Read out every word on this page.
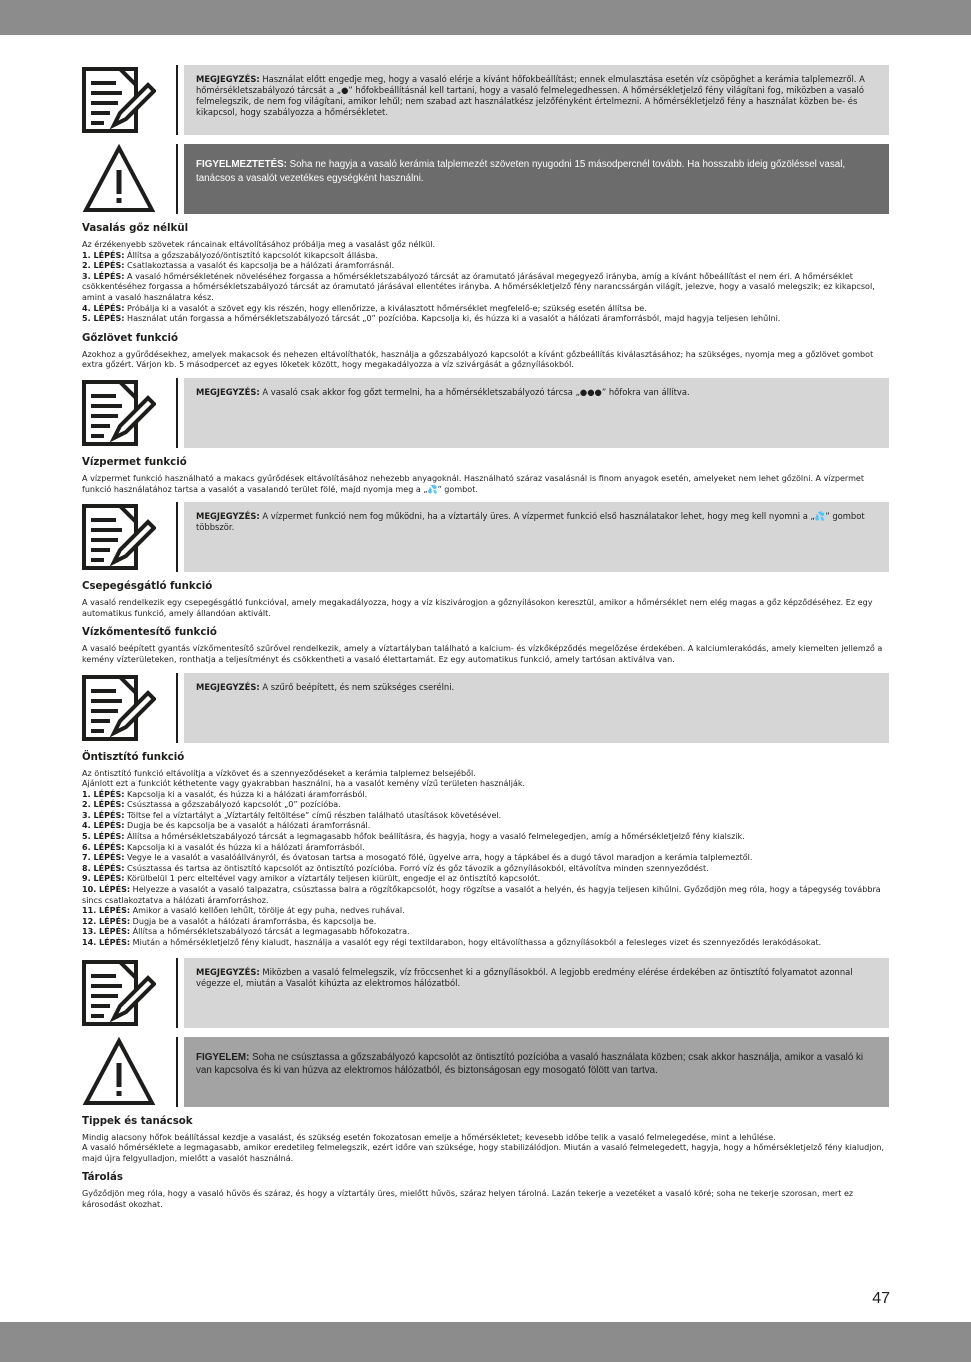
MEGJEGYZÉS: Használat előtt engedje meg, hogy a vasaló elérje a kívánt hőfokbeállítást; ennek elmulasztása esetén víz csöpöghet a kerámia talplemezről. A hőmérsékletszabályozó tárcsát a „●” hőfokbeállításnál kell tartani, hogy a vasaló felmelegedhessen. A hőmérsékletjelző fény világítani fog, miközben a vasaló felmelegszik, de nem fog világítani, amikor lehűl; nem szabad azt használatkész jelzőfényként értelmezni. A hőmérsékletjelző fény a használat közben be- és kikapcsol, hogy szabályozza a hőmérsékletet.
FIGYELMEZTETÉS: Soha ne hagyja a vasaló kerámia talplemezét szöveten nyugodni 15 másodpercnél tovább. Ha hosszabb ideig gőzöléssel vasal, tanácsos a vasalót vezetékes egységként használni.
Vasalás gőz nélkül

Az érzékenyebb szövetek ráncainak eltávolításához próbálja meg a vasalást gőz nélkül.

1. LÉPÉS: Állítsa a gőzszabályozó/öntisztító kapcsolót kikapcsolt állásba.

2. LÉPÉS: Csatlakoztassa a vasalót és kapcsolja be a hálózati áramforrásnál.

3. LÉPÉS: A vasaló hőmérsékletének növeléséhez forgassa a hőmérsékletszabályozó tárcsát az óramutató járásával megegyező irányba, amíg a kívánt hőbeállítást el nem éri. A hőmérséklet csökkentéséhez forgassa a hőmérsékletszabályozó tárcsát az óramutató járásával ellentétes irányba. A hőmérsékletjelző fény narancssárgán világít, jelezve, hogy a vasaló melegszik; ez kikapcsol, amint a vasaló használatra kész.

4. LÉPÉS: Próbálja ki a vasalót a szövet egy kis részén, hogy ellenőrizze, a kiválasztott hőmérséklet megfelelő-e; szükség esetén állítsa be.

5. LÉPÉS: Használat után forgassa a hőmérsékletszabályozó tárcsát „0” pozícióba. Kapcsolja ki, és húzza ki a vasalót a hálózati áramforrásból, majd hagyja teljesen lehűlni.

Gőzlövet funkció

Azokhoz a gyűrődésekhez, amelyek makacsok és nehezen eltávolíthatók, használja a gőzszabályozó kapcsolót a kívánt gőzbeállítás kiválasztásához; ha szükséges, nyomja meg a gőzlövet gombot extra gőzért. Várjon kb. 5 másodpercet az egyes löketek között, hogy megakadályozza a víz szivárgását a gőznyílásokból.

MEGJEGYZÉS: A vasaló csak akkor fog gőzt termelni, ha a hőmérsékletszabályozó tárcsa „●●●” hőfokra van állítva.
Vízpermet funkció

A vízpermet funkció használható a makacs gyűrődések eltávolításához nehezebb anyagoknál. Használható száraz vasalásnál is finom anyagok esetén, amelyeket nem lehet gőzölni. A vízpermet funkció használatához tartsa a vasalót a vasalandó terület fölé, majd nyomja meg a „💦” gombot.

MEGJEGYZÉS: A vízpermet funkció nem fog működni, ha a víztartály üres. A vízpermet funkció első használatakor lehet, hogy meg kell nyomni a „💦” gombot többször.
Csepegésgátló funkció

A vasaló rendelkezik egy csepegésgátló funkcióval, amely megakadályozza, hogy a víz kiszivárogjon a gőznyílásokon keresztül, amikor a hőmérséklet nem elég magas a gőz képződéséhez. Ez egy automatikus funkció, amely állandóan aktivált.

Vízkőmentesítő funkció

A vasaló beépített gyantás vízkőmentesítő szűrővel rendelkezik, amely a víztartályban található a kalcium- és vízkőképződés megelőzése érdekében. A kalciumlerakódás, amely kiemelten jellemző a kemény vízterületeken, ronthatja a teljesítményt és csökkentheti a vasaló élettartamát. Ez egy automatikus funkció, amely tartósan aktiválva van.

MEGJEGYZÉS: A szűrő beépített, és nem szükséges cserélni.
Öntisztító funkció

Az öntisztító funkció eltávolítja a vízkövet és a szennyeződéseket a kerámia talplemez belsejéből.

Ajánlott ezt a funkciót kéthetente vagy gyakrabban használni, ha a vasalót kemény vízű területen használják.

1. LÉPÉS: Kapcsolja ki a vasalót, és húzza ki a hálózati áramforrásból.

2. LÉPÉS: Csúsztassa a gőzszabályozó kapcsolót „0” pozícióba.

3. LÉPÉS: Töltse fel a víztartályt a „Víztartály feltöltése” című részben található utasítások követésével.

4. LÉPÉS: Dugja be és kapcsolja be a vasalót a hálózati áramforrásnál.

5. LÉPÉS: Állítsa a hőmérsékletszabályozó tárcsát a legmagasabb hőfok beállításra, és hagyja, hogy a vasaló felmelegedjen, amíg a hőmérsékletjelző fény kialszik.

6. LÉPÉS: Kapcsolja ki a vasalót és húzza ki a hálózati áramforrásból.

7. LÉPÉS: Vegye le a vasalót a vasalóállványról, és óvatosan tartsa a mosogató fölé, ügyelve arra, hogy a tápkábel és a dugó távol maradjon a kerámia talplemeztől.

8. LÉPÉS: Csúsztassa és tartsa az öntisztító kapcsolót az öntisztító pozícióba. Forró víz és gőz távozik a gőznyílásokból, eltávolítva minden szennyeződést.

9. LÉPÉS: Körülbelül 1 perc elteltével vagy amikor a víztartály teljesen kiürült, engedje el az öntisztító kapcsolót.

10. LÉPÉS: Helyezze a vasalót a vasaló talpazatra, csúsztassa balra a rögzítőkapcsolót, hogy rögzítse a vasalót a helyén, és hagyja teljesen kihűlni. Győződjön meg róla, hogy a tápegység továbbra sincs csatlakoztatva a hálózati áramforráshoz.

11. LÉPÉS: Amikor a vasaló kellően lehűlt, törölje át egy puha, nedves ruhával.

12. LÉPÉS: Dugja be a vasalót a hálózati áramforrásba, és kapcsolja be.

13. LÉPÉS: Állítsa a hőmérsékletszabályozó tárcsát a legmagasabb hőfokozatra.

14. LÉPÉS: Miután a hőmérsékletjelző fény kialudt, használja a vasalót egy régi textildarabon, hogy eltávolíthassa a gőznyílásokból a felesleges vizet és szennyeződés lerakódásokat.

MEGJEGYZÉS: Miközben a vasaló felmelegszik, víz fröccsenhet ki a gőznyílásokból. A legjobb eredmény elérése érdekében az öntisztító folyamatot azonnal végezze el, miután a Vasalót kihúzta az elektromos hálózatból.
FIGYELEM: Soha ne csúsztassa a gőzszabályozó kapcsolót az öntisztító pozícióba a vasaló használata közben; csak akkor használja, amikor a vasaló ki van kapcsolva és ki van húzva az elektromos hálózatból, és biztonságosan egy mosogató fölött van tartva.
Tippek és tanácsok

Mindig alacsony hőfok beállítással kezdje a vasalást, és szükség esetén fokozatosan emelje a hőmérsékletet; kevesebb időbe telik a vasaló felmelegedése, mint a lehűlése.

A vasaló hőmérséklete a legmagasabb, amikor eredetileg felmelegszik, ezért időre van szüksége, hogy stabilizálódjon. Miután a vasaló felmelegedett, hagyja, hogy a hőmérsékletjelző fény kialudjon, majd újra felgyulladjon, mielőtt a vasalót használná.

Tárolás

Győződjön meg róla, hogy a vasaló hűvös és száraz, és hogy a víztartály üres, mielőtt hűvös, száraz helyen tárolná. Lazán tekerje a vezetéket a vasaló köré; soha ne tekerje szorosan, mert ez károsodást okozhat.

47
